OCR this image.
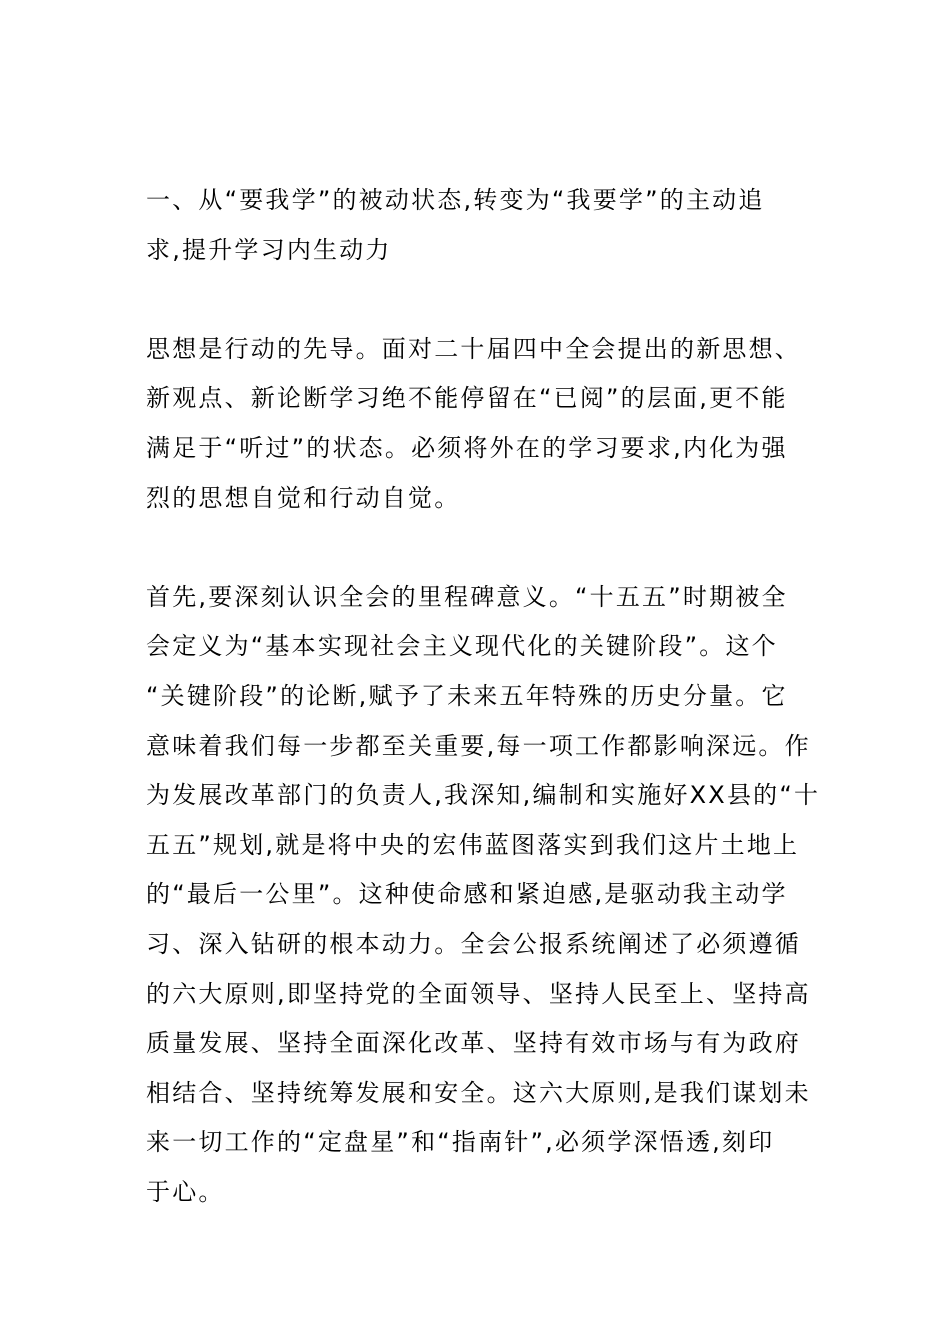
一、从“要我学”的被动状态,转变为“我要学”的主动追
求,提升学习内生动力
思想是行动的先导。面对二十届四中全会提出的新思想、
新观点、新论断学习绝不能停留在“已阅”的层面,更不能
满足于“听过”的状态。必须将外在的学习要求,内化为强
烈的思想自觉和行动自觉。
首先,要深刻认识全会的里程碑意义。“十五五”时期被全
会定义为“基本实现社会主义现代化的关键阶段”。这个
“关键阶段”的论断,赋予了未来五年特殊的历史分量。它
意味着我们每一步都至关重要,每一项工作都影响深远。作
为发展改革部门的负责人,我深知,编制和实施好XX县的“十
五五”规划,就是将中央的宏伟蓝图落实到我们这片土地上
的“最后一公里”。这种使命感和紧迫感,是驱动我主动学
习、深入钻研的根本动力。全会公报系统阐述了必须遵循
的六大原则,即坚持党的全面领导、坚持人民至上、坚持高
质量发展、坚持全面深化改革、坚持有效市场与有为政府
相结合、坚持统筹发展和安全。这六大原则,是我们谋划未
来一切工作的“定盘星”和“指南针”,必须学深悟透,刻印
于心。
